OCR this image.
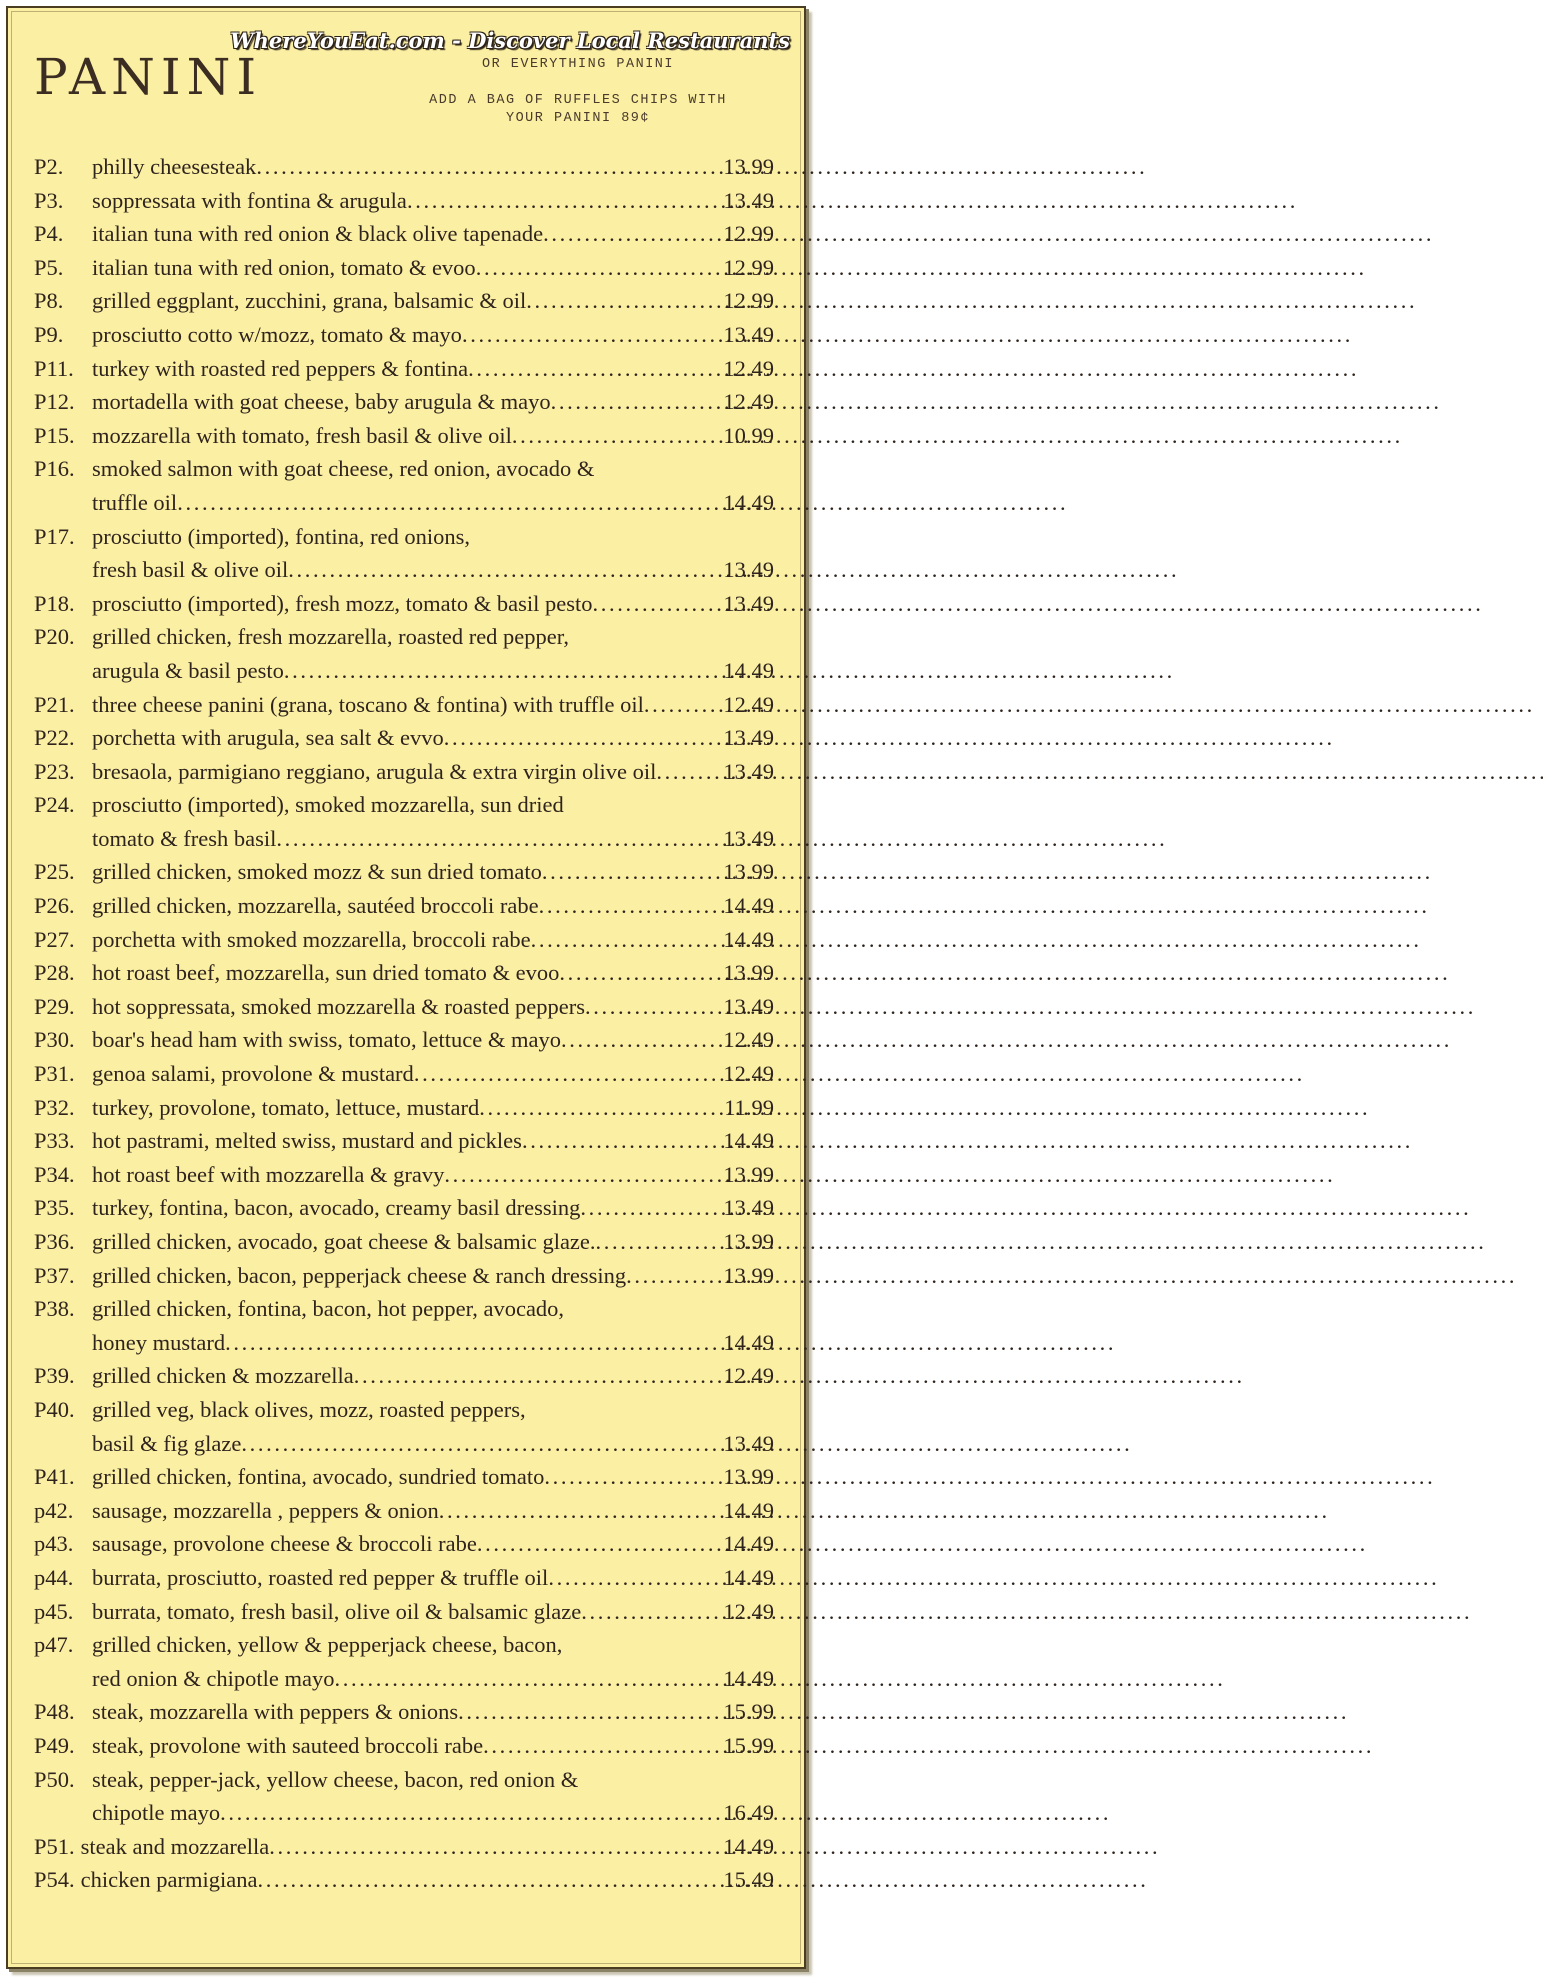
PANINI
WhereYouEat.com - Discover Local Restaurants
OR EVERYTHING PANINI
ADD A BAG OF RUFFLES CHIPS WITH
YOUR PANINI 89¢
P2.	philly cheesesteak . . .	13.99
P3.	soppressata with fontina & arugula . . .	13.49
P4.	italian tuna with red onion & black olive tapenade . . .	12.99
P5.	italian tuna with red onion, tomato & evoo . . .	12.99
P8.	grilled eggplant, zucchini, grana, balsamic & oil . . .	12.99
P9.	prosciutto cotto w/mozz, tomato & mayo . . .	13.49
P11. turkey with roasted red peppers & fontina . . .	12.49
P12. mortadella with goat cheese, baby arugula & mayo . . .	12.49
P15. mozzarella with tomato, fresh basil & olive oil . . .	10.99
P16. smoked salmon with goat cheese, red onion, avocado &
truffle oil . . .	14.49
P17. prosciutto (imported), fontina, red onions,
fresh basil & olive oil . . .	13.49
P18. prosciutto (imported), fresh mozz, tomato & basil pesto . . .	13.49
P20. grilled chicken, fresh mozzarella, roasted red pepper,
arugula & basil pesto . . .	14.49
P21. three cheese panini (grana, toscano & fontina) with truffle oil . . .	12.49
P22. porchetta with arugula, sea salt & evvo . . .	13.49
P23. bresaola, parmigiano reggiano, arugula & extra virgin olive oil . . .	13.49
P24. prosciutto (imported), smoked mozzarella, sun dried
tomato & fresh basil . . .	13.49
P25. grilled chicken, smoked mozz & sun dried tomato . . .	13.99
P26. grilled chicken, mozzarella, sautéed broccoli rabe . . .	14.49
P27. porchetta with smoked mozzarella, broccoli rabe . . .	14.49
P28. hot roast beef, mozzarella, sun dried tomato & evoo . . .	13.99
P29. hot soppressata, smoked mozzarella & roasted peppers . . .	13.49
P30. boar's head ham with swiss, tomato, lettuce & mayo . . .	12.49
P31. genoa salami, provolone & mustard . . .	12.49
P32. turkey, provolone, tomato, lettuce, mustard . . .	11.99
P33. hot pastrami, melted swiss, mustard and pickles . . .	14.49
P34. hot roast beef with mozzarella & gravy . . .	13.99
P35. turkey, fontina, bacon, avocado, creamy basil dressing . . .	13.49
P36. grilled chicken, avocado, goat cheese & balsamic glaze. . . .	13.99
P37. grilled chicken, bacon, pepperjack cheese & ranch dressing . . .	13.99
P38. grilled chicken, fontina, bacon, hot pepper, avocado,
honey mustard . . .	14.49
P39. grilled chicken & mozzarella . . .	12.49
P40. grilled veg, black olives, mozz, roasted peppers,
basil & fig glaze . . .	13.49
P41. grilled chicken, fontina, avocado, sundried tomato . . .	13.99
p42. sausage, mozzarella , peppers & onion . . .	14.49
p43. sausage, provolone cheese & broccoli rabe . . .	14.49
p44. burrata, prosciutto, roasted red pepper & truffle oil . . .	14.49
p45. burrata, tomato, fresh basil, olive oil & balsamic glaze . . .	12.49
p47. grilled chicken, yellow & pepperjack cheese, bacon,
red onion & chipotle mayo . . .	14.49
P48. steak, mozzarella with peppers & onions . . .	15.99
P49. steak, provolone with sauteed broccoli rabe . . .	15.99
P50. steak, pepper-jack, yellow cheese, bacon, red onion &
chipotle mayo . . .	16.49
P51. steak and mozzarella . . .	14.49
P54. chicken parmigiana . . .	15.49
